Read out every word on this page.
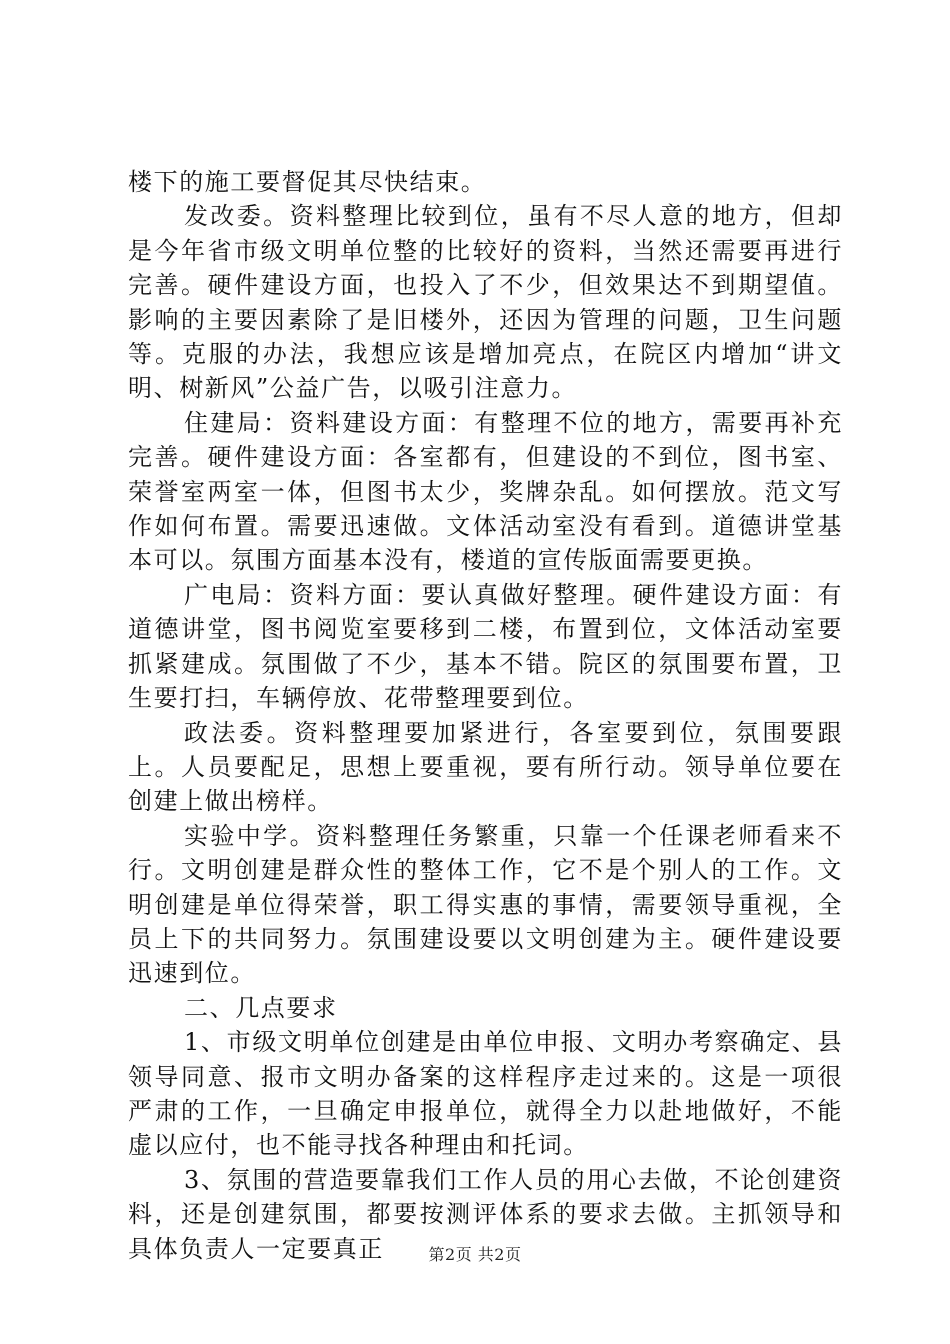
楼下的施工要督促其尽快结束。

发改委。资料整理比较到位，虽有不尽人意的地方，但却是今年省市级文明单位整的比较好的资料，当然还需要再进行完善。硬件建设方面，也投入了不少，但效果达不到期望值。影响的主要因素除了是旧楼外，还因为管理的问题，卫生问题等。克服的办法，我想应该是增加亮点，在院区内增加“讲文明、树新风”公益广告，以吸引注意力。

住建局：资料建设方面：有整理不位的地方，需要再补充完善。硬件建设方面：各室都有，但建设的不到位，图书室、荣誉室两室一体，但图书太少，奖牌杂乱。如何摆放。范文写作如何布置。需要迅速做。文体活动室没有看到。道德讲堂基本可以。氛围方面基本没有，楼道的宣传版面需要更换。

广电局：资料方面：要认真做好整理。硬件建设方面：有道德讲堂，图书阅览室要移到二楼，布置到位，文体活动室要抓紧建成。氛围做了不少，基本不错。院区的氛围要布置，卫生要打扫，车辆停放、花带整理要到位。

政法委。资料整理要加紧进行，各室要到位，氛围要跟上。人员要配足，思想上要重视，要有所行动。领导单位要在创建上做出榜样。

实验中学。资料整理任务繁重，只靠一个任课老师看来不行。文明创建是群众性的整体工作，它不是个别人的工作。文明创建是单位得荣誉，职工得实惠的事情，需要领导重视，全员上下的共同努力。氛围建设要以文明创建为主。硬件建设要迅速到位。

二、几点要求

1、市级文明单位创建是由单位申报、文明办考察确定、县领导同意、报市文明办备案的这样程序走过来的。这是一项很严肃的工作，一旦确定申报单位，就得全力以赴地做好，不能虚以应付，也不能寻找各种理由和托词。

3、氛围的营造要靠我们工作人员的用心去做，不论创建资料，还是创建氛围，都要按测评体系的要求去做。主抓领导和具体负责人一定要真正	第2页 共2页
